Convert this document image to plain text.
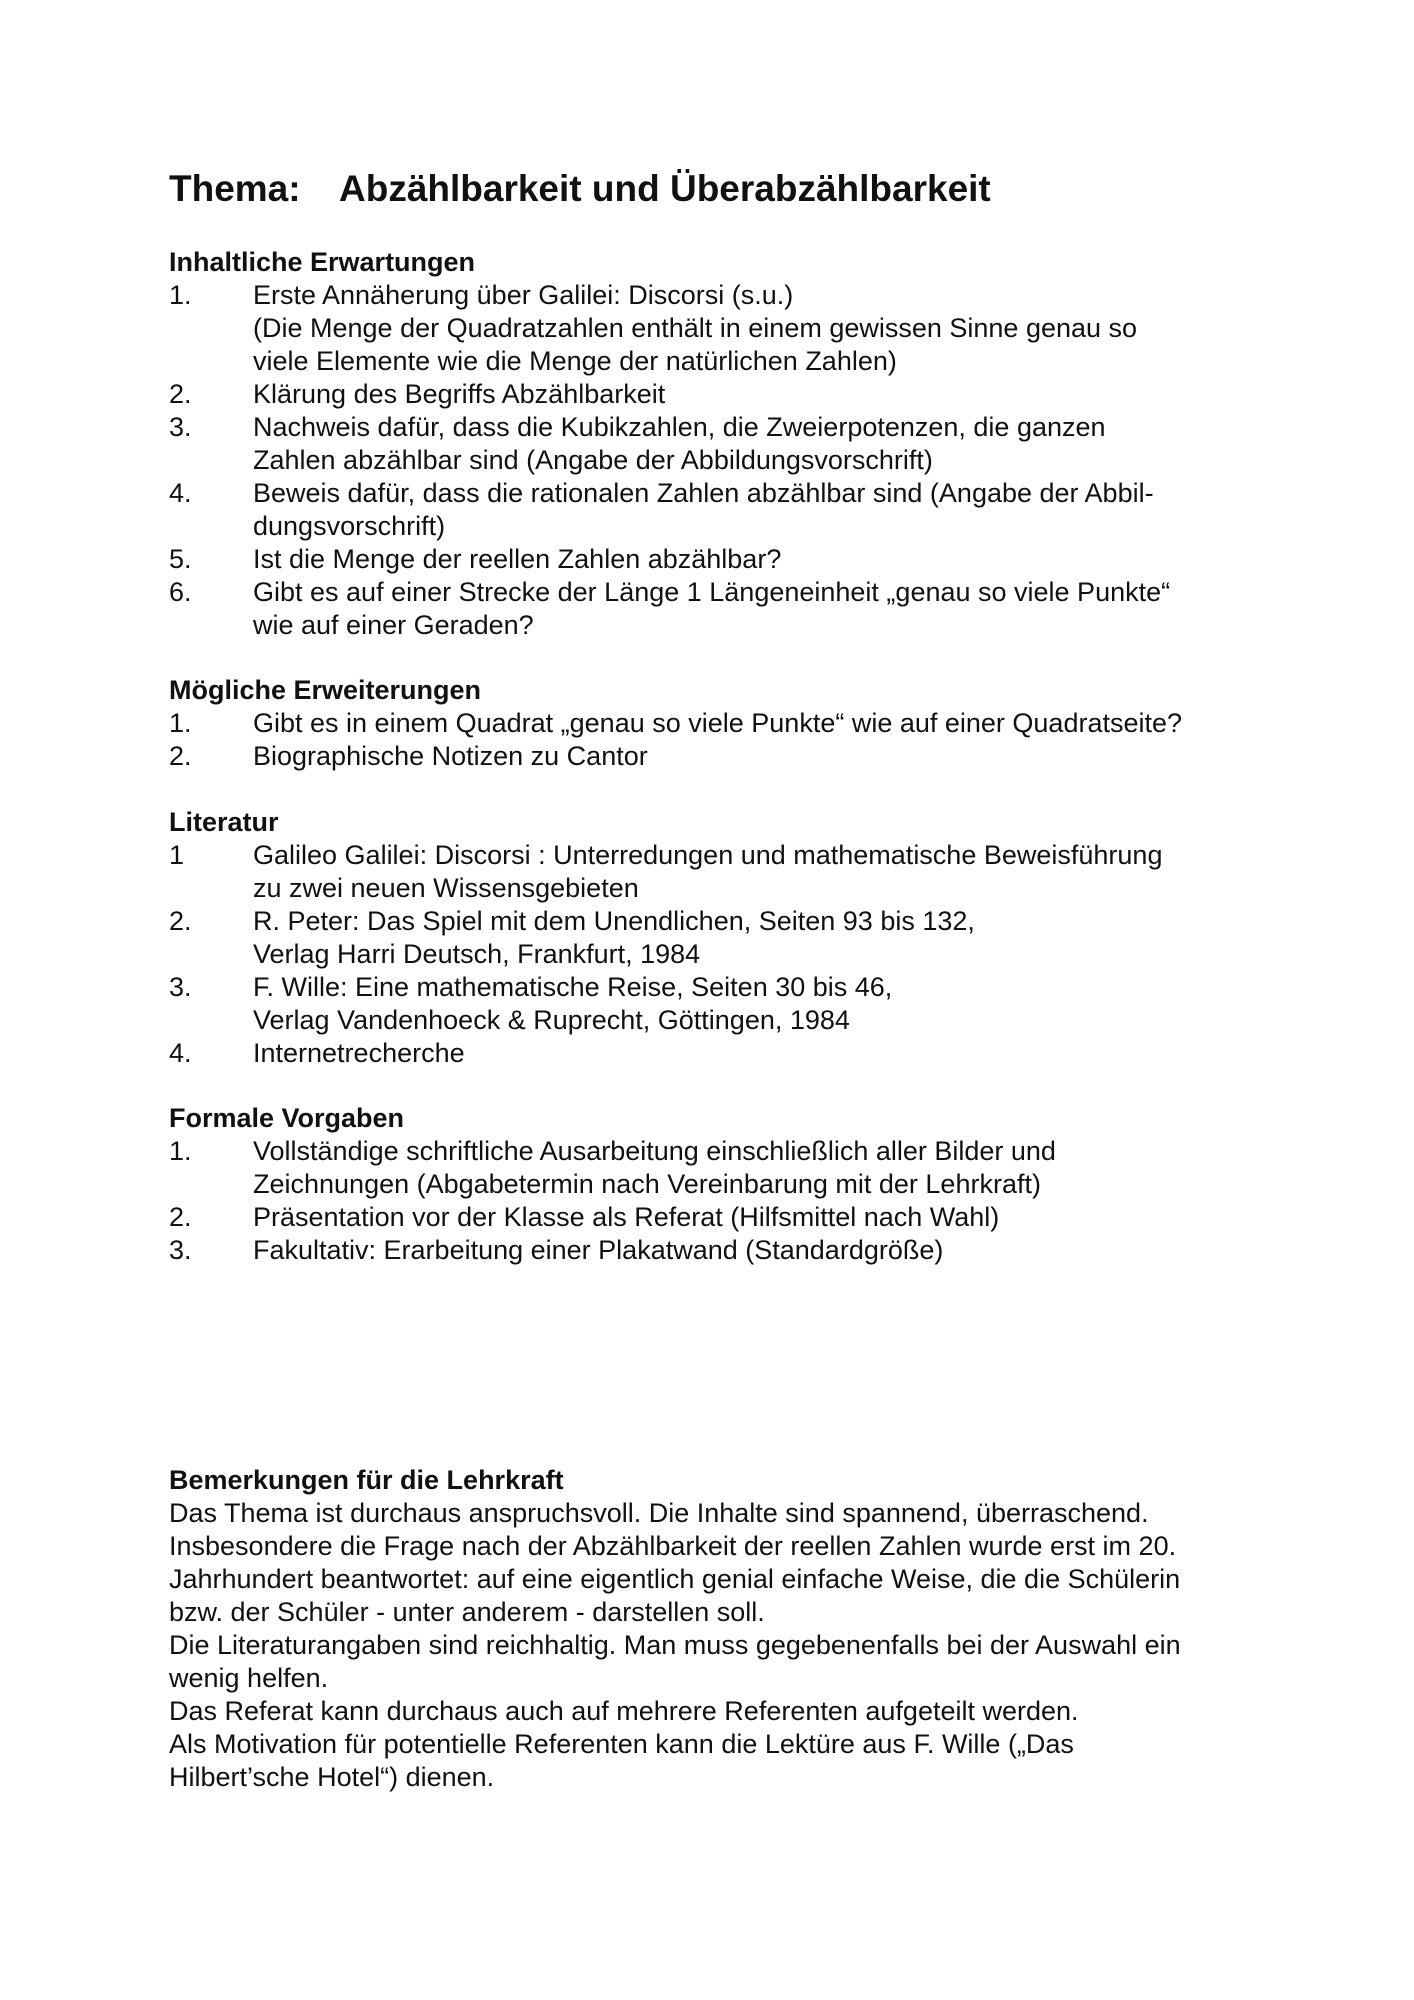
Thema: Abzählbarkeit und Überabzählbarkeit
Inhaltliche Erwartungen
1.	Erste Annäherung über Galilei: Discorsi (s.u.)
(Die Menge der Quadratzahlen enthält in einem gewissen Sinne genau so
viele Elemente wie die Menge der natürlichen Zahlen)
2.	Klärung des Begriffs Abzählbarkeit
3.	Nachweis dafür, dass die Kubikzahlen, die Zweierpotenzen, die ganzen
Zahlen abzählbar sind (Angabe der Abbildungsvorschrift)
4.	Beweis dafür, dass die rationalen Zahlen abzählbar sind (Angabe der Abbil-
dungsvorschrift)
5.	Ist die Menge der reellen Zahlen abzählbar?
6.	Gibt es auf einer Strecke der Länge 1 Längeneinheit „genau so viele Punkte“
wie auf einer Geraden?
Mögliche Erweiterungen
1.	Gibt es in einem Quadrat „genau so viele Punkte“ wie auf einer Quadratseite?
2.	Biographische Notizen zu Cantor
Literatur
1	Galileo Galilei: Discorsi : Unterredungen und mathematische Beweisführung
zu zwei neuen Wissensgebieten
2.	R. Peter: Das Spiel mit dem Unendlichen, Seiten 93 bis 132,
Verlag Harri Deutsch, Frankfurt, 1984
3.	F. Wille: Eine mathematische Reise, Seiten 30 bis 46,
Verlag Vandenhoeck & Ruprecht, Göttingen, 1984
4.	Internetrecherche
Formale Vorgaben
1.	Vollständige schriftliche Ausarbeitung einschließlich aller Bilder und
Zeichnungen (Abgabetermin nach Vereinbarung mit der Lehrkraft)
2.	Präsentation vor der Klasse als Referat (Hilfsmittel nach Wahl)
3.	Fakultativ: Erarbeitung einer Plakatwand (Standardgröße)
Bemerkungen für die Lehrkraft
Das Thema ist durchaus anspruchsvoll. Die Inhalte sind spannend, überraschend.
Insbesondere die Frage nach der Abzählbarkeit der reellen Zahlen wurde erst im 20.
Jahrhundert beantwortet: auf eine eigentlich genial einfache Weise, die die Schülerin
bzw. der Schüler - unter anderem - darstellen soll.
Die Literaturangaben sind reichhaltig. Man muss gegebenenfalls bei der Auswahl ein
wenig helfen.
Das Referat kann durchaus auch auf mehrere Referenten aufgeteilt werden.
Als Motivation für potentielle Referenten kann die Lektüre aus F. Wille („Das
Hilbert’sche Hotel“) dienen.
